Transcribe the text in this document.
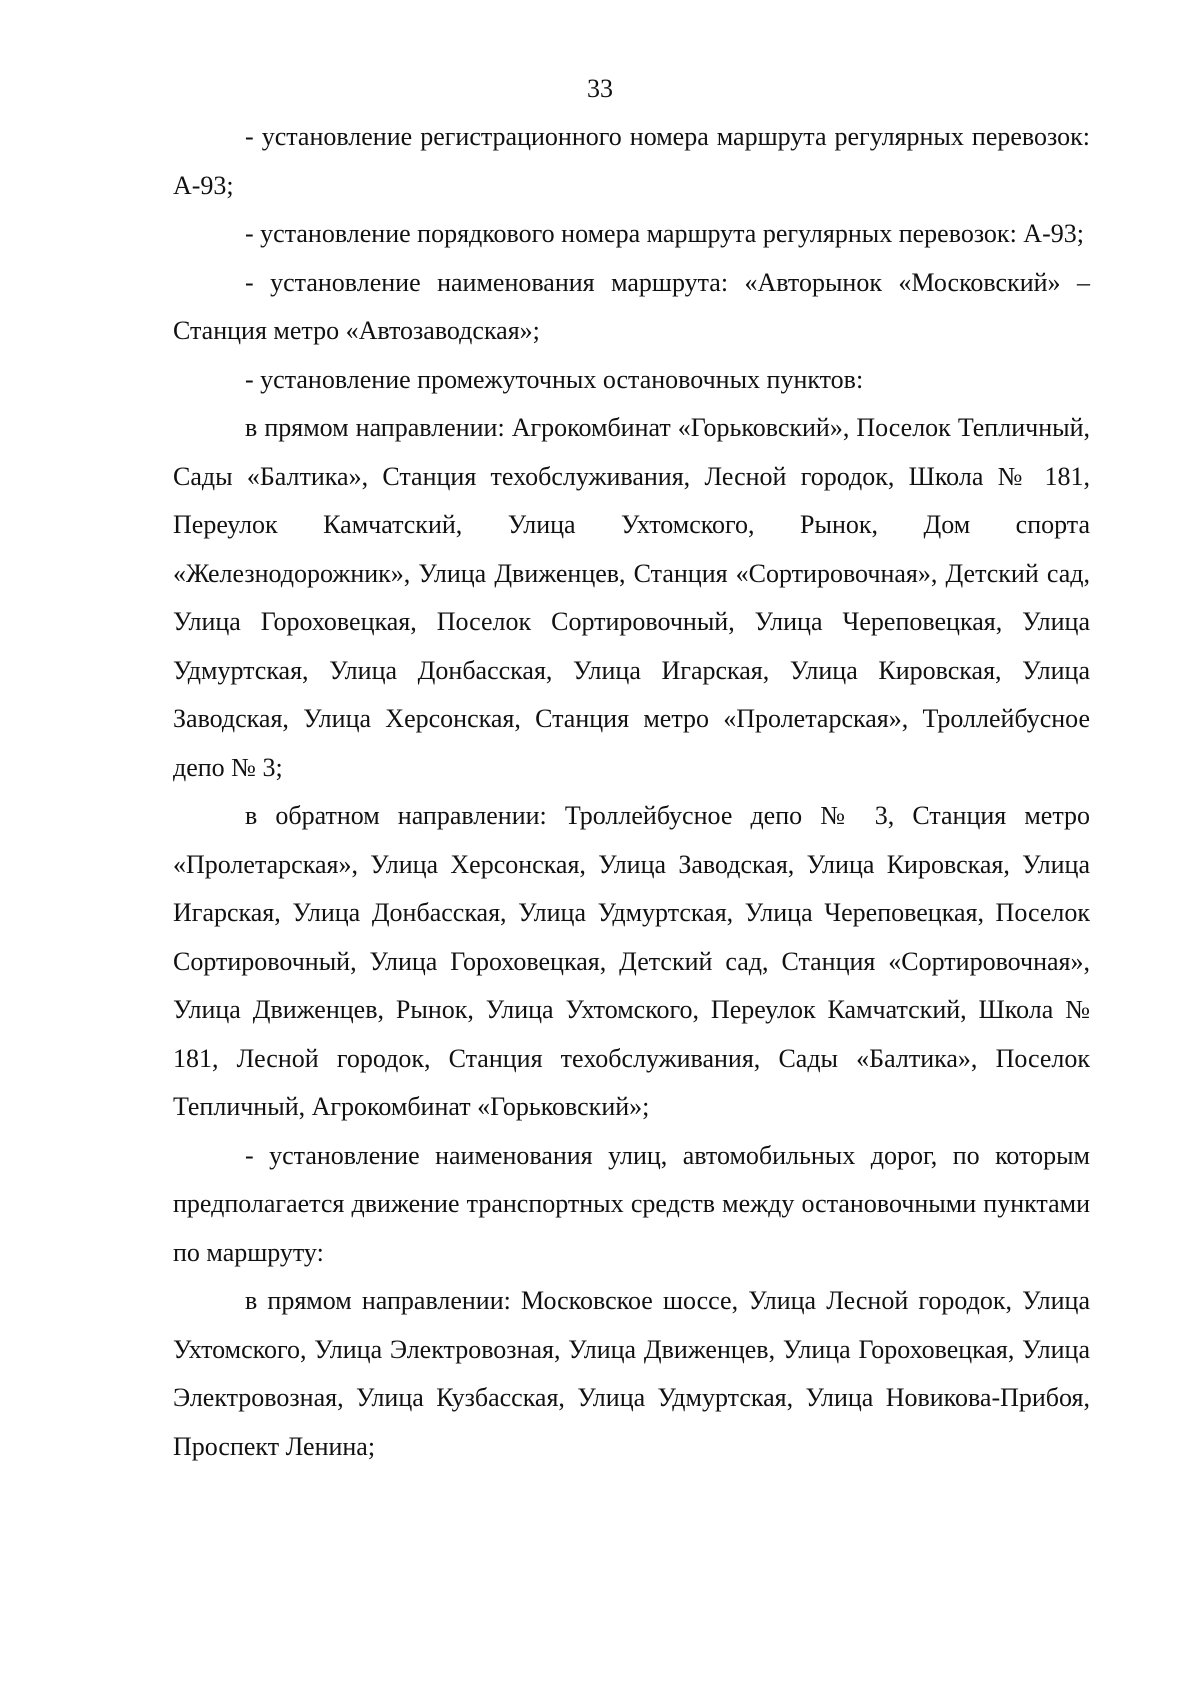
33

- установление регистрационного номера маршрута регулярных перевозок: А-93;

- установление порядкового номера маршрута регулярных перевозок: А-93;

- установление наименования маршрута: «Авторынок «Московский» – Станция метро «Автозаводская»;

- установление промежуточных остановочных пунктов:

в прямом направлении: Агрокомбинат «Горьковский», Поселок Тепличный, Сады «Балтика», Станция техобслуживания, Лесной городок, Школа № 181, Переулок Камчатский, Улица Ухтомского, Рынок, Дом спорта «Железнодорожник», Улица Движенцев, Станция «Сортировочная», Детский сад, Улица Гороховецкая, Поселок Сортировочный, Улица Череповецкая, Улица Удмуртская, Улица Донбасская, Улица Игарская, Улица Кировская, Улица Заводская, Улица Херсонская, Станция метро «Пролетарская», Троллейбусное депо № 3;

в обратном направлении: Троллейбусное депо № 3, Станция метро «Пролетарская», Улица Херсонская, Улица Заводская, Улица Кировская, Улица Игарская, Улица Донбасская, Улица Удмуртская, Улица Череповецкая, Поселок Сортировочный, Улица Гороховецкая, Детский сад, Станция «Сортировочная», Улица Движенцев, Рынок, Улица Ухтомского, Переулок Камчатский, Школа № 181, Лесной городок, Станция техобслуживания, Сады «Балтика», Поселок Тепличный, Агрокомбинат «Горьковский»;

- установление наименования улиц, автомобильных дорог, по которым предполагается движение транспортных средств между остановочными пунктами по маршруту:

в прямом направлении: Московское шоссе, Улица Лесной городок, Улица Ухтомского, Улица Электровозная, Улица Движенцев, Улица Гороховецкая, Улица Электровозная, Улица Кузбасская, Улица Удмуртская, Улица Новикова-Прибоя, Проспект Ленина;
